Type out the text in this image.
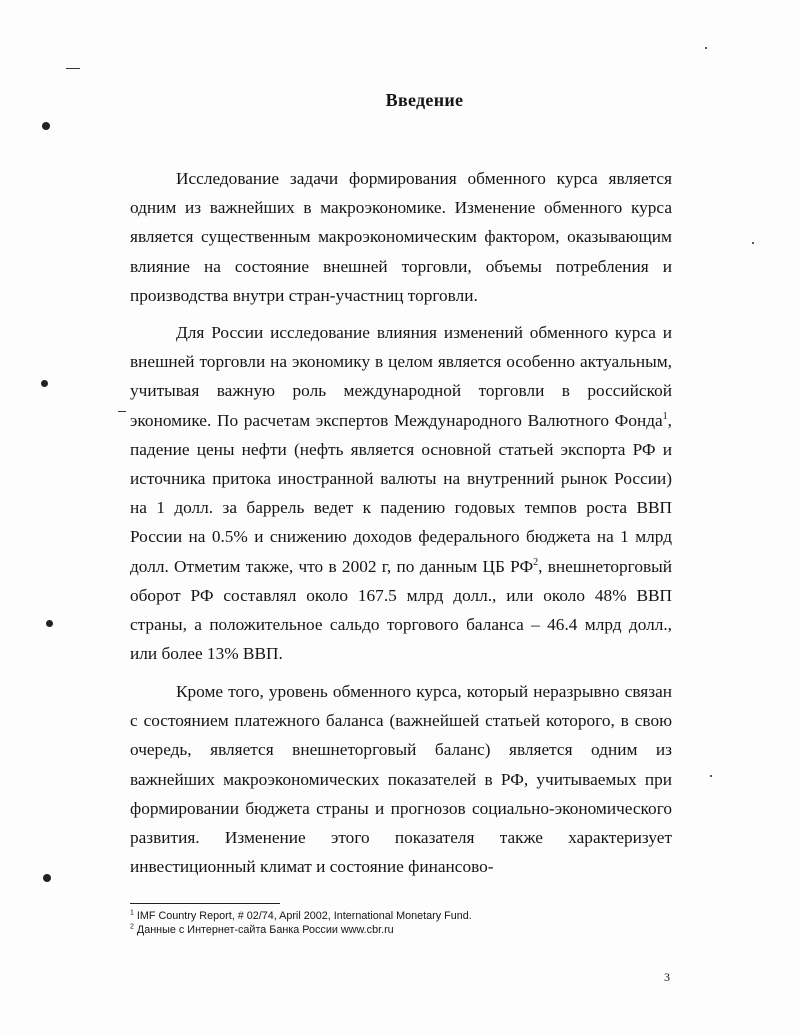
Введение

Исследование задачи формирования обменного курса является одним из важнейших в макроэкономике. Изменение обменного курса является существенным макроэкономическим фактором, оказывающим влияние на состояние внешней торговли, объемы потребления и производства внутри стран-участниц торговли.

Для России исследование влияния изменений обменного курса и внешней торговли на экономику в целом является особенно актуальным, учитывая важную роль международной торговли в российской экономике. По расчетам экспертов Международного Валютного Фонда$^1$, падение цены нефти (нефть является основной статьей экспорта РФ и источника притока иностранной валюты на внутренний рынок России) на 1 долл. за баррель ведет к падению годовых темпов роста ВВП России на 0.5% и снижению доходов федерального бюджета на 1 млрд долл. Отметим также, что в 2002 г, по данным ЦБ $РФ^2$, внешнеторговый оборот РФ составлял около 167.5 млрд долл., или около 48% ВВП страны, а положительное сальдо торгового баланса – 46.4 млрд долл., или более 13% ВВП.

Кроме того, уровень обменного курса, который неразрывно связан с состоянием платежного баланса (важнейшей статьей которого, в свою очередь, является внешнеторговый баланс) является одним из важнейших макроэкономических показателей в РФ, учитываемых при формировании бюджета страны и прогнозов социально-экономического развития. Изменение этого показателя также характеризует инвестиционный климат и состояние финансово-

$^1$ IMF Country Report, # 02/74, April 2002, International Monetary Fund.

$^2$ Данные с Интернет-сайта Банка России www.cbr.ru

3
